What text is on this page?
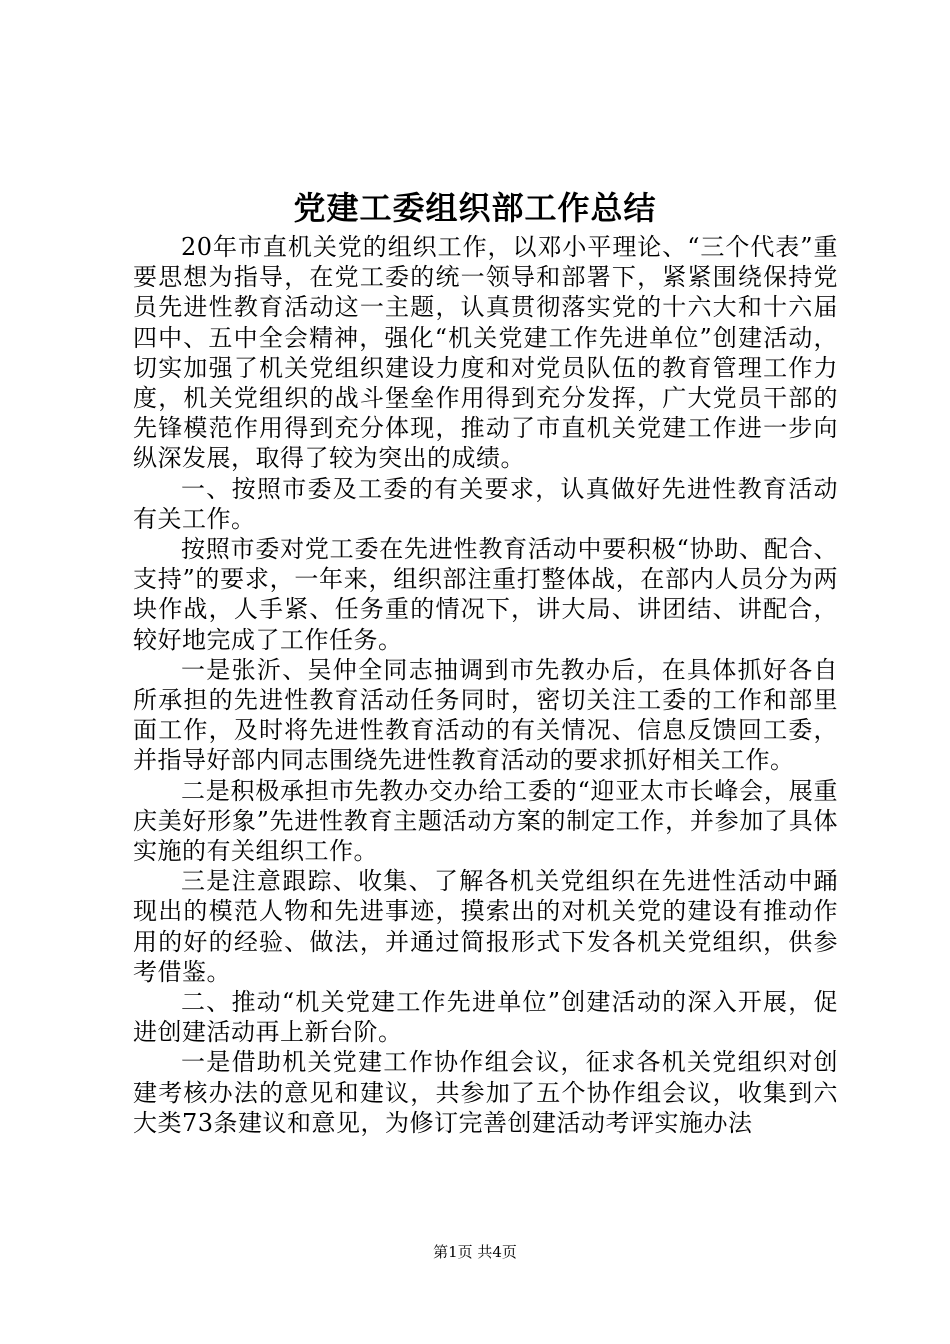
党建工委组织部工作总结

20年市直机关党的组织工作，以邓小平理论、“三个代表”重要思想为指导，在党工委的统一领导和部署下，紧紧围绕保持党员先进性教育活动这一主题，认真贯彻落实党的十六大和十六届四中、五中全会精神，强化“机关党建工作先进单位”创建活动，切实加强了机关党组织建设力度和对党员队伍的教育管理工作力度，机关党组织的战斗堡垒作用得到充分发挥，广大党员干部的先锋模范作用得到充分体现，推动了市直机关党建工作进一步向纵深发展，取得了较为突出的成绩。

一、按照市委及工委的有关要求，认真做好先进性教育活动有关工作。

按照市委对党工委在先进性教育活动中要积极“协助、配合、支持”的要求，一年来，组织部注重打整体战，在部内人员分为两块作战，人手紧、任务重的情况下，讲大局、讲团结、讲配合，较好地完成了工作任务。

一是张沂、吴仲全同志抽调到市先教办后，在具体抓好各自所承担的先进性教育活动任务同时，密切关注工委的工作和部里面工作，及时将先进性教育活动的有关情况、信息反馈回工委，并指导好部内同志围绕先进性教育活动的要求抓好相关工作。

二是积极承担市先教办交办给工委的“迎亚太市长峰会，展重庆美好形象”先进性教育主题活动方案的制定工作，并参加了具体实施的有关组织工作。

三是注意跟踪、收集、了解各机关党组织在先进性活动中踊现出的模范人物和先进事迹，摸索出的对机关党的建设有推动作用的好的经验、做法，并通过简报形式下发各机关党组织，供参考借鉴。

二、推动“机关党建工作先进单位”创建活动的深入开展，促进创建活动再上新台阶。

一是借助机关党建工作协作组会议，征求各机关党组织对创建考核办法的意见和建议，共参加了五个协作组会议，收集到六大类73条建议和意见，为修订完善创建活动考评实施办法

第1页 共4页
